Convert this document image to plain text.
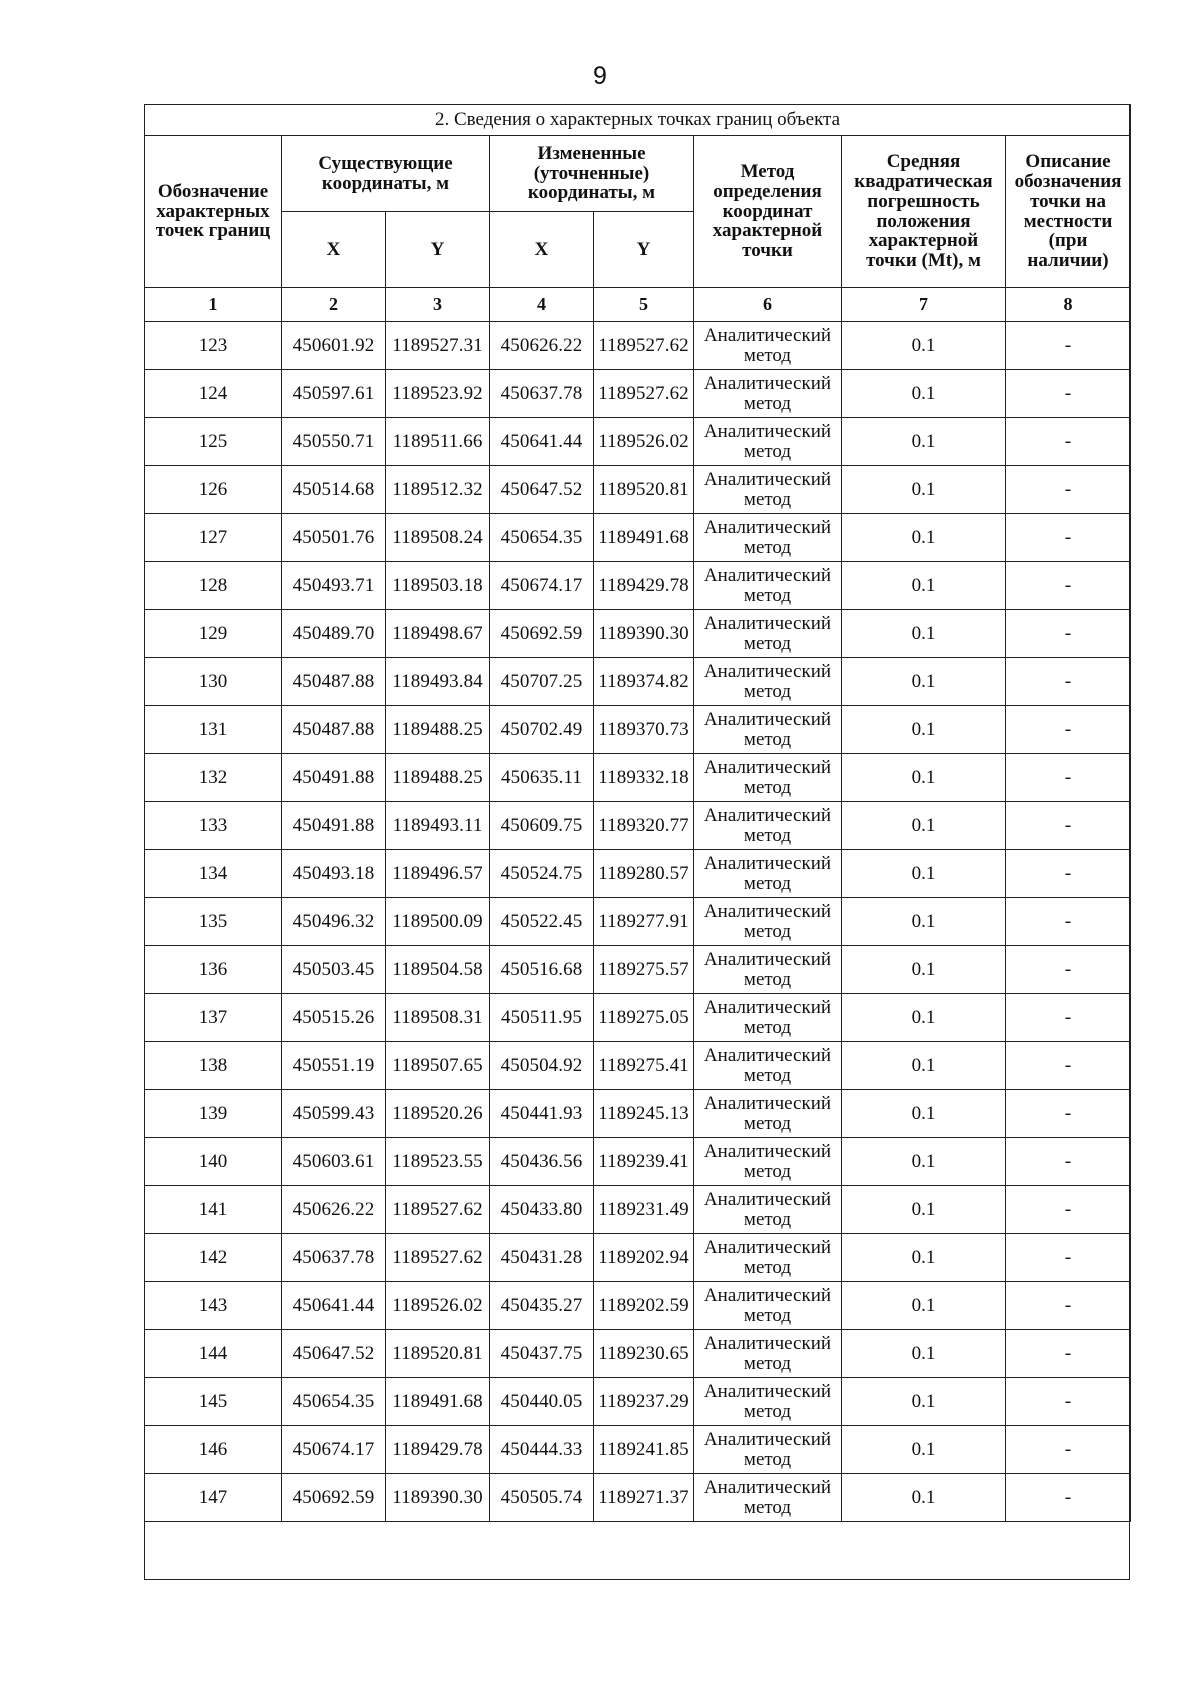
9
2. Сведения о характерных точках границ объекта							
Обозначение характерных точек границ	Существующие координаты, м		Измененные (уточненные) координаты, м		Метод определения координат характерной точки	Средняя квадратическая погрешность положения характерной точки (Mt), м	Описание обозначения точки на местности (при наличии)
	X	Y	X	Y			
1	2	3	4	5	6	7	8
123	450601.92	1189527.31	450626.22	1189527.62	Аналитический метод	0.1	-
124	450597.61	1189523.92	450637.78	1189527.62	Аналитический метод	0.1	-
125	450550.71	1189511.66	450641.44	1189526.02	Аналитический метод	0.1	-
126	450514.68	1189512.32	450647.52	1189520.81	Аналитический метод	0.1	-
127	450501.76	1189508.24	450654.35	1189491.68	Аналитический метод	0.1	-
128	450493.71	1189503.18	450674.17	1189429.78	Аналитический метод	0.1	-
129	450489.70	1189498.67	450692.59	1189390.30	Аналитический метод	0.1	-
130	450487.88	1189493.84	450707.25	1189374.82	Аналитический метод	0.1	-
131	450487.88	1189488.25	450702.49	1189370.73	Аналитический метод	0.1	-
132	450491.88	1189488.25	450635.11	1189332.18	Аналитический метод	0.1	-
133	450491.88	1189493.11	450609.75	1189320.77	Аналитический метод	0.1	-
134	450493.18	1189496.57	450524.75	1189280.57	Аналитический метод	0.1	-
135	450496.32	1189500.09	450522.45	1189277.91	Аналитический метод	0.1	-
136	450503.45	1189504.58	450516.68	1189275.57	Аналитический метод	0.1	-
137	450515.26	1189508.31	450511.95	1189275.05	Аналитический метод	0.1	-
138	450551.19	1189507.65	450504.92	1189275.41	Аналитический метод	0.1	-
139	450599.43	1189520.26	450441.93	1189245.13	Аналитический метод	0.1	-
140	450603.61	1189523.55	450436.56	1189239.41	Аналитический метод	0.1	-
141	450626.22	1189527.62	450433.80	1189231.49	Аналитический метод	0.1	-
142	450637.78	1189527.62	450431.28	1189202.94	Аналитический метод	0.1	-
143	450641.44	1189526.02	450435.27	1189202.59	Аналитический метод	0.1	-
144	450647.52	1189520.81	450437.75	1189230.65	Аналитический метод	0.1	-
145	450654.35	1189491.68	450440.05	1189237.29	Аналитический метод	0.1	-
146	450674.17	1189429.78	450444.33	1189241.85	Аналитический метод	0.1	-
147	450692.59	1189390.30	450505.74	1189271.37	Аналитический метод	0.1	-
